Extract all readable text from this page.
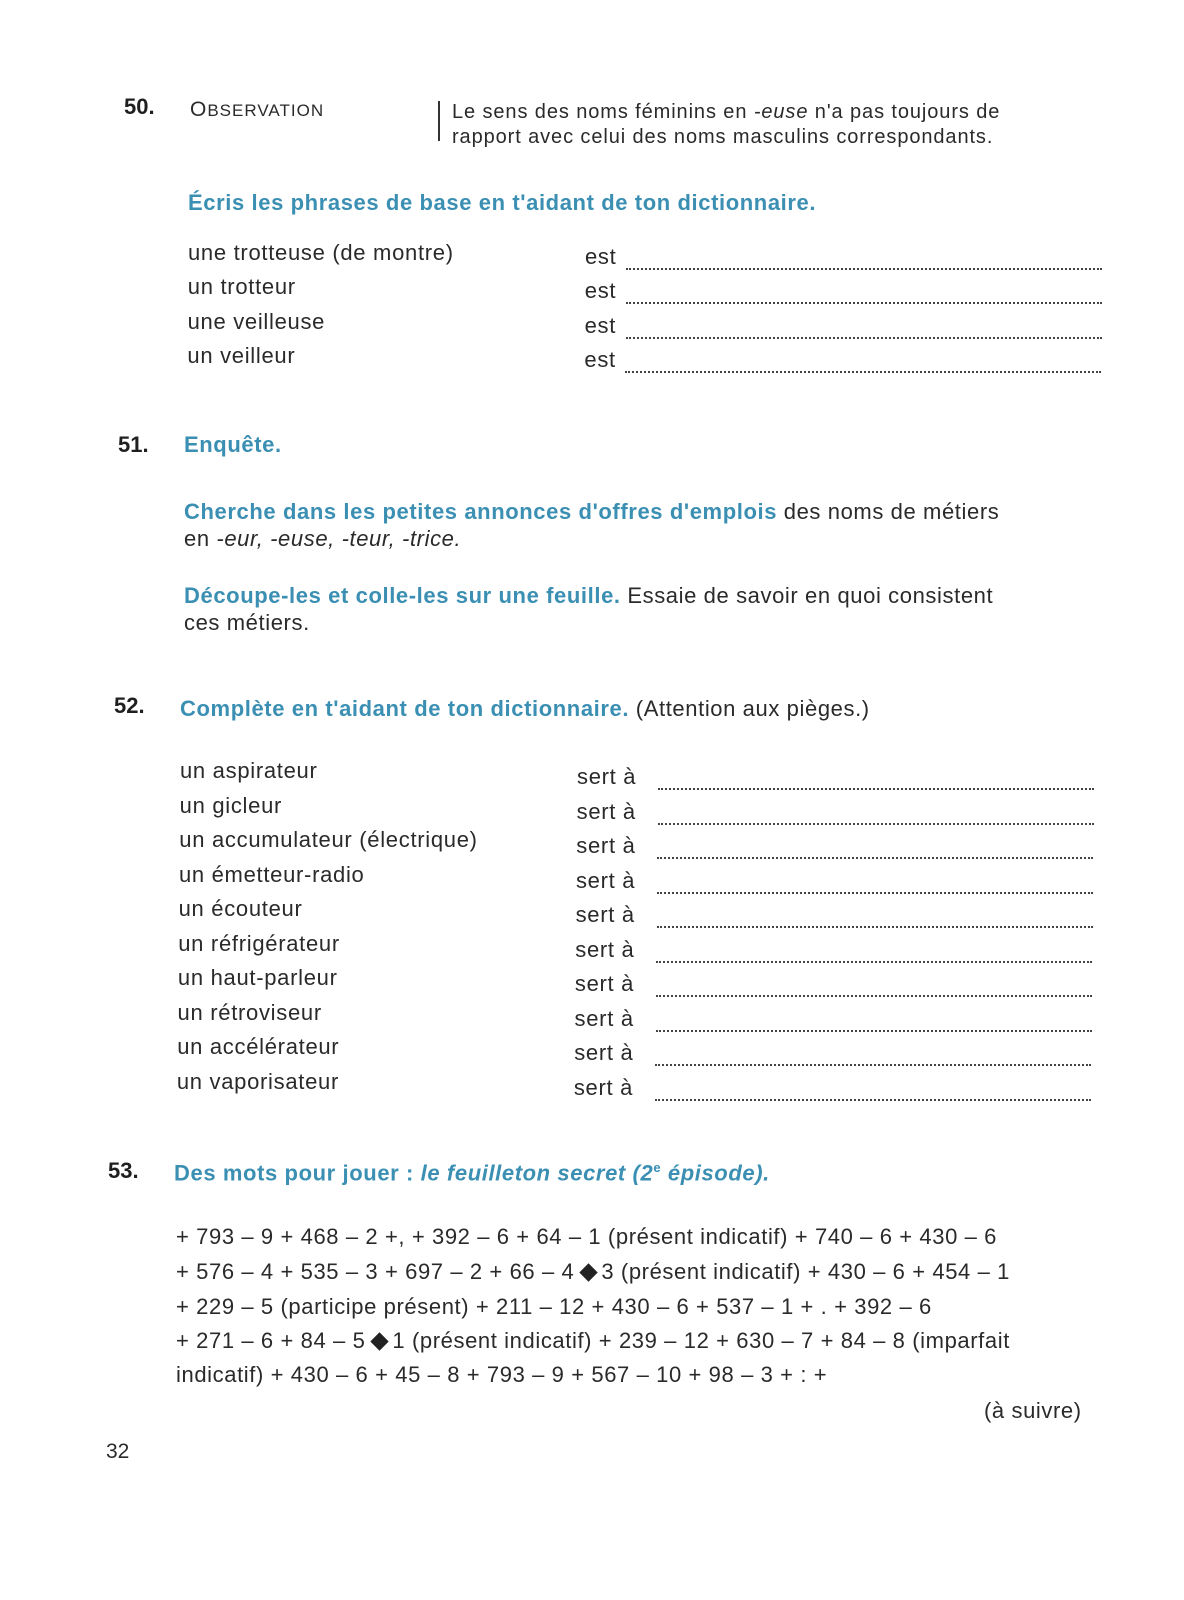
50. OBSERVATION	Le sens des noms féminins en -euse n'a pas toujours de
rapport avec celui des noms masculins correspondants.
Écris les phrases de base en t'aidant de ton dictionnaire.
une trotteuse (de montre)	est
un trotteur	est
une veilleuse	est
un veilleur	est
51. Enquête.
Cherche dans les petites annonces d'offres d'emplois des noms de métiers
en -eur, -euse, -teur, -trice.
Découpe-les et colle-les sur une feuille. Essaie de savoir en quoi consistent
ces métiers.
52. Complète en t'aidant de ton dictionnaire. (Attention aux pièges.)
un aspirateur	sert à
un gicleur	sert à
un accumulateur (électrique)	sert à
un émetteur-radio	sert à
un écouteur	sert à
un réfrigérateur	sert à
un haut-parleur	sert à
un rétroviseur	sert à
un accélérateur	sert à
un vaporisateur	sert à
53. Des mots pour jouer : le feuilleton secret (2e épisode).
+ 793 – 9 + 468 – 2 +, + 392 – 6 + 64 – 1 (présent indicatif) + 740 – 6 + 430 – 6
+ 576 – 4 + 535 – 3 + 697 – 2 + 66 – 4 3 (présent indicatif) + 430 – 6 + 454 – 1
+ 229 – 5 (participe présent) + 211 – 12 + 430 – 6 + 537 – 1 + . + 392 – 6
+ 271 – 6 + 84 – 5 1 (présent indicatif) + 239 – 12 + 630 – 7 + 84 – 8 (imparfait
indicatif) + 430 – 6 + 45 – 8 + 793 – 9 + 567 – 10 + 98 – 3 + : +
(à suivre)
32
